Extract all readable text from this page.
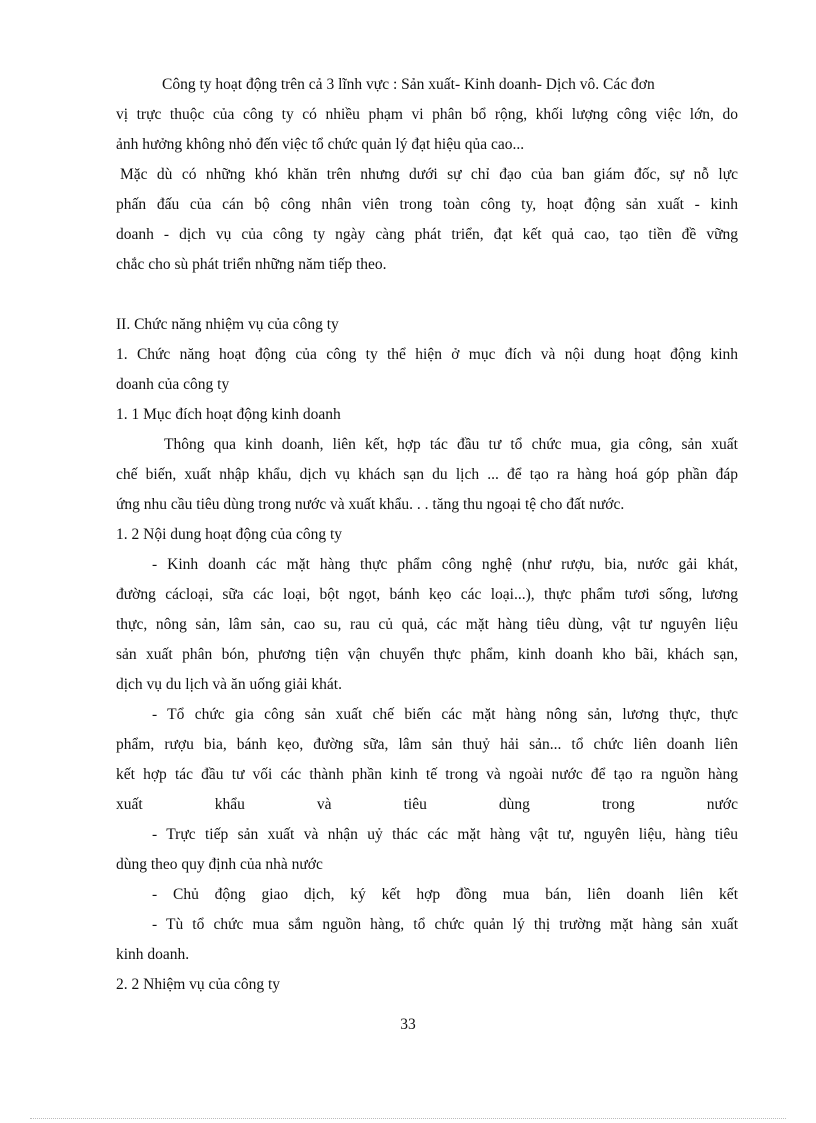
Công ty hoạt động trên cả 3 lĩnh vực : Sản xuất- Kinh doanh- Dịch vô. Các đơn
vị trực thuộc của công ty có nhiều phạm vi phân bổ rộng, khối lượng công việc lớn, do
ảnh hưởng không nhỏ đến việc tổ chức quản lý đạt hiệu qủa cao...
Mặc dù có những khó khăn trên nhưng dưới sự chỉ đạo của ban giám đốc, sự nỗ lực
phấn đấu của cán bộ công nhân viên trong toàn công ty, hoạt động sản xuất - kinh
doanh - dịch vụ của công ty ngày càng phát triển, đạt kết quả cao, tạo tiền đề vững
chắc cho sù phát triển những năm tiếp theo.
II. Chức năng nhiệm vụ của công ty
1. Chức năng hoạt động của công ty thể hiện ở mục đích và nội dung hoạt động kinh
doanh của công ty
1. 1 Mục đích hoạt động kinh doanh
Thông qua kinh doanh, liên kết, hợp tác đầu tư tổ chức mua, gia công, sản xuất
chế biến, xuất nhập khẩu, dịch vụ khách sạn du lịch ... để tạo ra hàng hoá góp phần đáp
ứng nhu cầu tiêu dùng trong nước và xuất khẩu. . . tăng thu ngoại tệ cho đất nước.
1. 2 Nội dung hoạt động của công ty
- Kinh doanh các mặt hàng thực phẩm công nghệ (như rượu, bia, nước gải khát,
đường cácloại, sữa các loại, bột ngọt, bánh kẹo các loại...), thực phẩm tươi sống, lương
thực, nông sản, lâm sản, cao su, rau củ quả, các mặt hàng tiêu dùng, vật tư nguyên liệu
sản xuất phân bón, phương tiện vận chuyển thực phẩm, kinh doanh kho bãi, khách sạn,
dịch vụ du lịch và ăn uống giải khát.
- Tổ chức gia công sản xuất chế biến các mặt hàng nông sản, lương thực, thực
phẩm, rượu bia, bánh kẹo, đường sữa, lâm sản thuỷ hải sản... tổ chức liên doanh liên
kết hợp tác đầu tư vối các thành phần kinh tế trong và ngoài nước để tạo ra nguồn hàng
xuất khẩu và tiêu dùng trong nước
- Trực tiếp sản xuất và nhận uỷ thác các mặt hàng vật tư, nguyên liệu, hàng tiêu
dùng theo quy định của nhà nước
- Chủ động giao dịch, ký kết hợp đồng mua bán, liên doanh liên kết
- Tù tổ chức mua sắm nguồn hàng, tổ chức quản lý thị trường mặt hàng sản xuất
kinh doanh.
2. 2 Nhiệm vụ của công ty
33
